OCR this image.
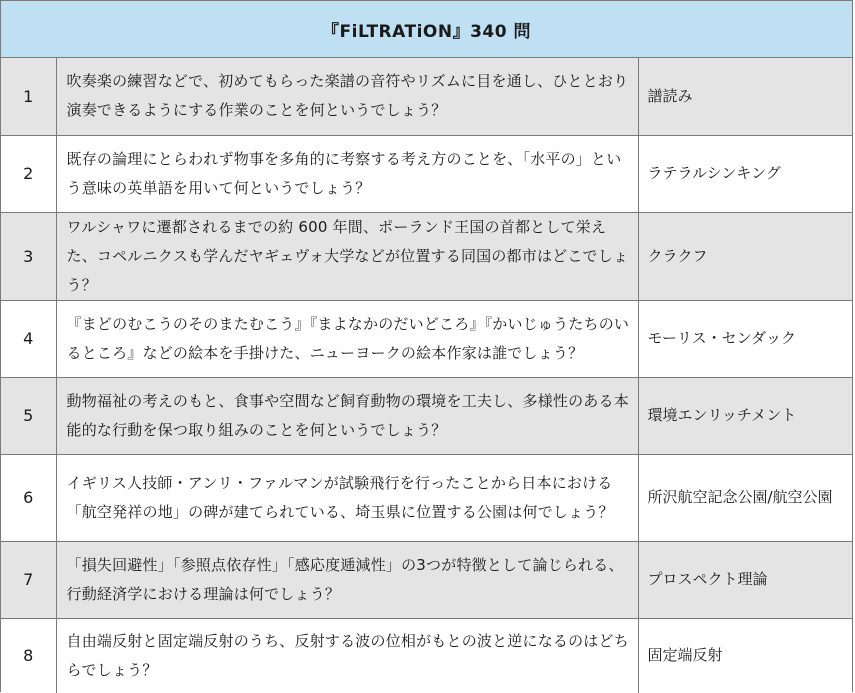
『FiLTRATiON』340 問
1	吹奏楽の練習などで、初めてもらった楽譜の音符やリズムに目を通し、ひととおり演奏できるようにする作業のことを何というでしょう？	譜読み
2	既存の論理にとらわれず物事を多角的に考察する考え方のことを、「水平の」という意味の英単語を用いて何というでしょう？	ラテラルシンキング
3	ワルシャワに遷都されるまでの約 600 年間、ポーランド王国の首都として栄えた、コペルニクスも学んだヤギェヴォ大学などが位置する同国の都市はどこでしょう？	クラクフ
4	『まどのむこうのそのまたむこう』『まよなかのだいどころ』『かいじゅうたちのいるところ』などの絵本を手掛けた、ニューヨークの絵本作家は誰でしょう？	モーリス・センダック
5	動物福祉の考えのもと、食事や空間など飼育動物の環境を工夫し、多様性のある本能的な行動を保つ取り組みのことを何というでしょう？	環境エンリッチメント
6	イギリス人技師・アンリ・ファルマンが試験飛行を行ったことから日本における「航空発祥の地」の碑が建てられている、埼玉県に位置する公園は何でしょう？	所沢航空記念公園/航空公園
7	「損失回避性」「参照点依存性」「感応度逓減性」の3つが特徴として論じられる、行動経済学における理論は何でしょう？	プロスペクト理論
8	自由端反射と固定端反射のうち、反射する波の位相がもとの波と逆になるのはどちらでしょう？	固定端反射
